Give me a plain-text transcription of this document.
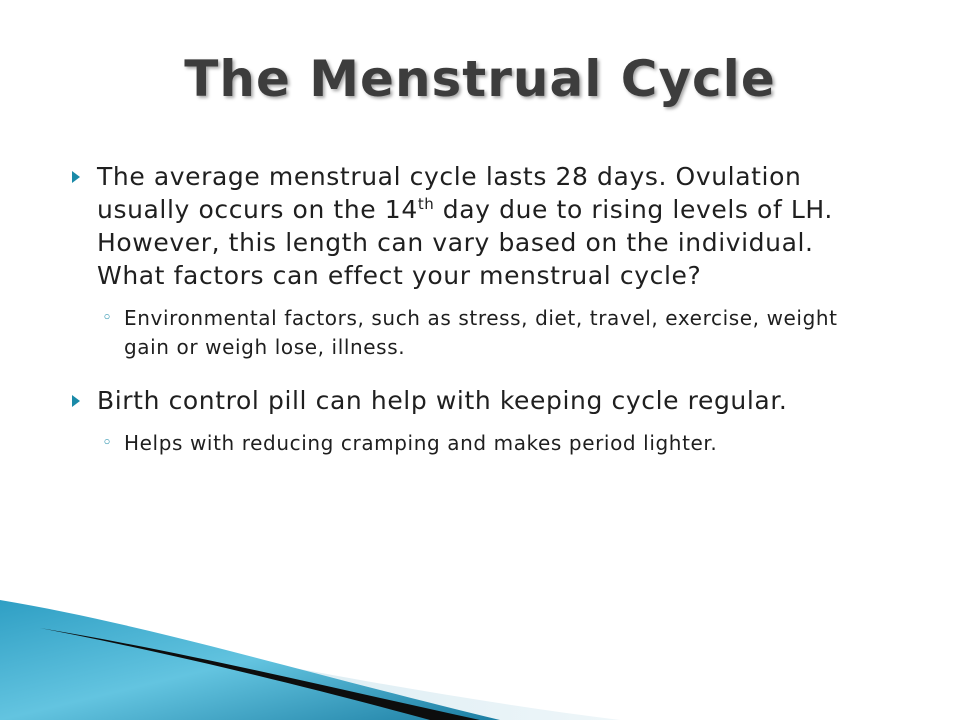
The Menstrual Cycle
The average menstrual cycle lasts 28 days. Ovulation usually occurs on the 14th day due to rising levels of LH. However, this length can vary based on the individual. What factors can effect your menstrual cycle?
◦ Environmental factors, such as stress, diet, travel, exercise, weight gain or weigh lose, illness.
Birth control pill can help with keeping cycle regular.
◦ Helps with reducing cramping and makes period lighter.
